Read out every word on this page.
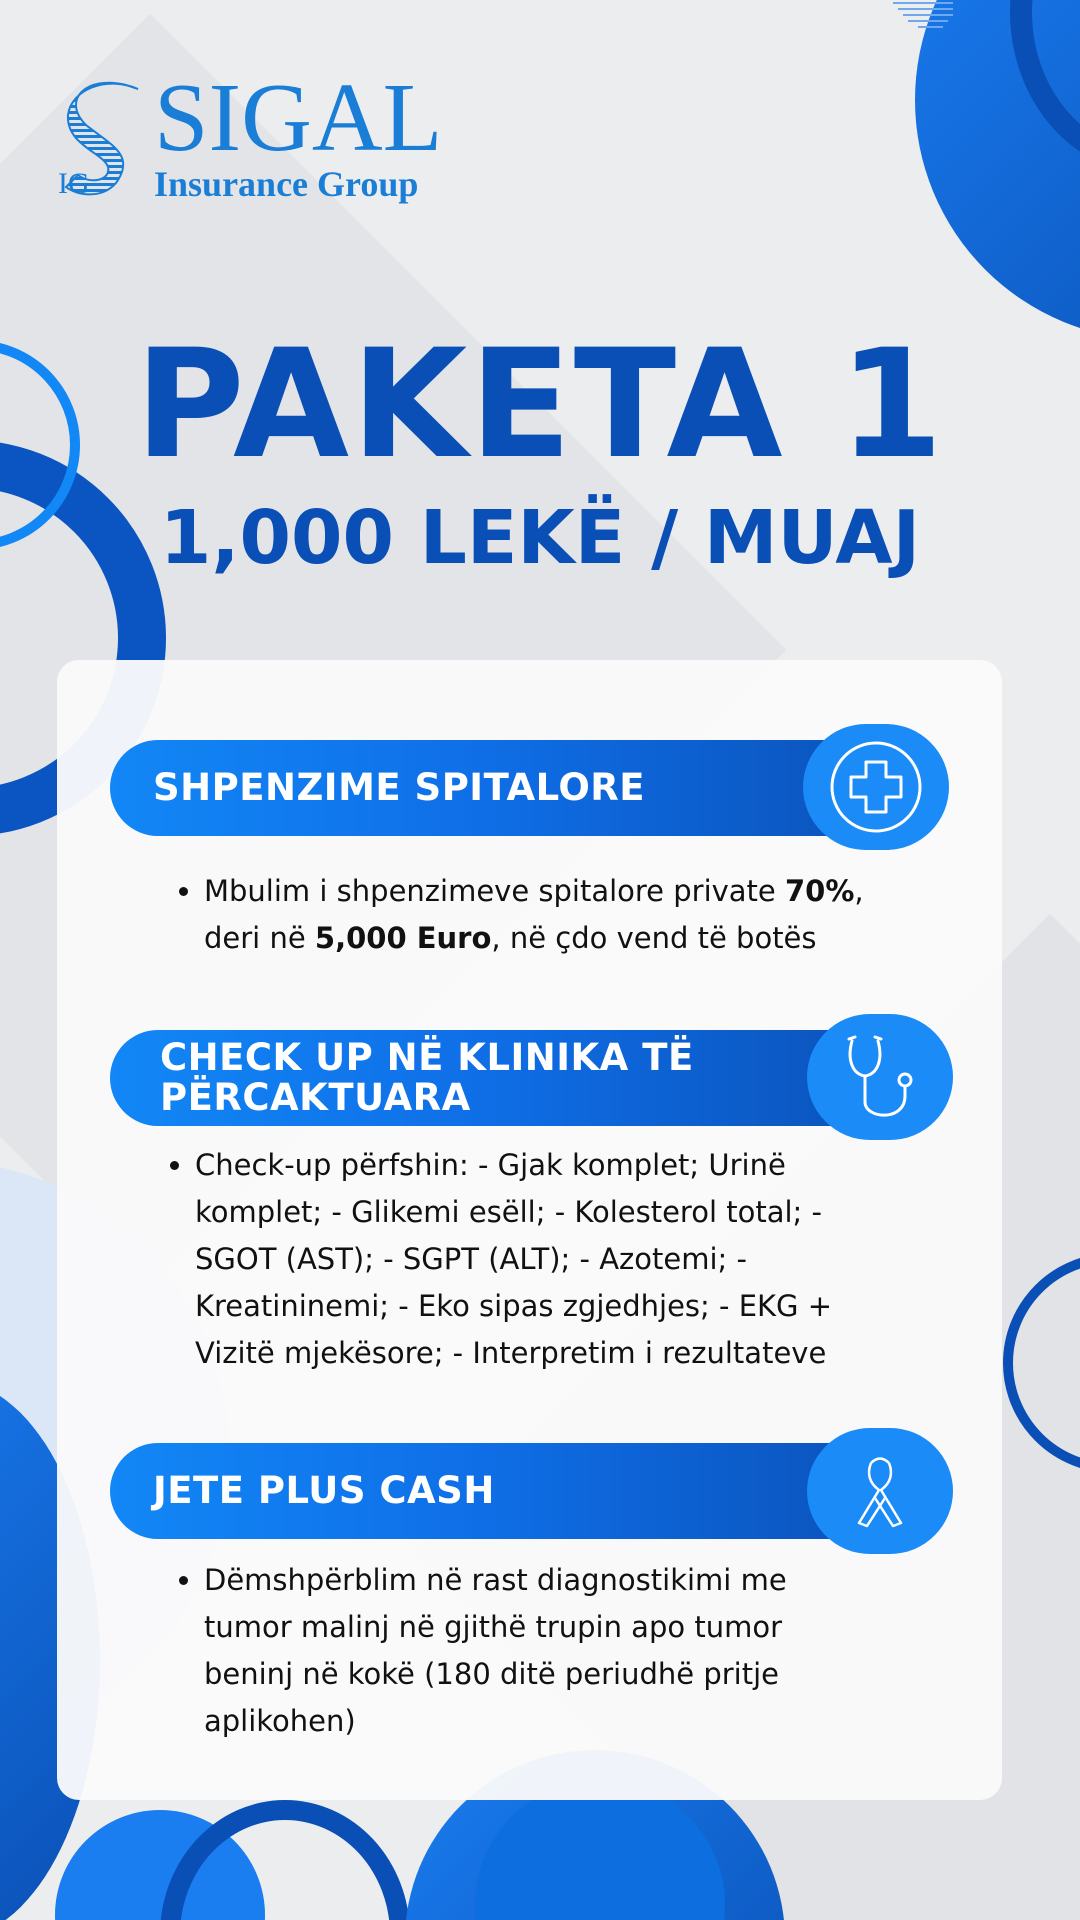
IG
SIGAL
Insurance Group
PAKETA 1
1,000 LEKË / MUAJ
SHPENZIME SPITALORE
• Mbulim i shpenzimeve spitalore private 70%, deri në 5,000 Euro, në çdo vend të botës
CHECK UP NË KLINIKA TË PËRCAKTUARA
• Check-up përfshin: - Gjak komplet; Urinë komplet; - Glikemi esëll; - Kolesterol total; - SGOT (AST); - SGPT (ALT); - Azotemi; - Kreatininemi; - Eko sipas zgjedhjes; - EKG + Vizitë mjekësore; - Interpretim i rezultateve
JETE PLUS CASH
• Dëmshpërblim në rast diagnostikimi me tumor malinj në gjithë trupin apo tumor beninj në kokë (180 ditë periudhë pritje aplikohen)
